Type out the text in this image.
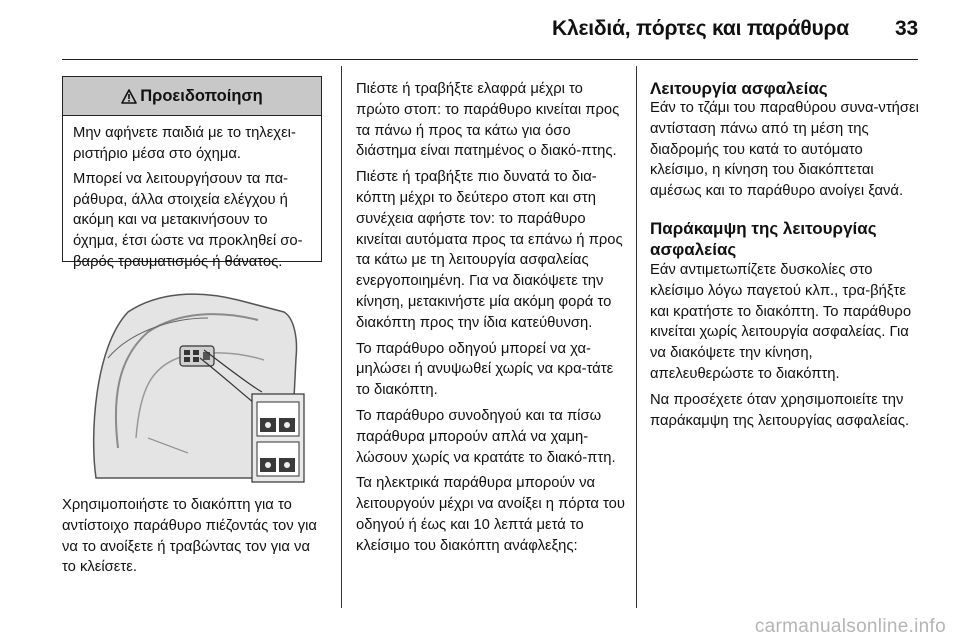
Κλειδιά, πόρτες και παράθυρα 33
Προειδοποίηση

Μην αφήνετε παιδιά με το τηλεχει-ριστήριο μέσα στο όχημα.

Μπορεί να λειτουργήσουν τα πα-ράθυρα, άλλα στοιχεία ελέγχου ή ακόμη και να μετακινήσουν το όχημα, έτσι ώστε να προκληθεί σο-βαρός τραυματισμός ή θάνατος.

Χρησιμοποιήστε το διακόπτη για το αντίστοιχο παράθυρο πιέζοντάς τον για να το ανοίξετε ή τραβώντας τον για να το κλείσετε.

Πιέστε ή τραβήξτε ελαφρά μέχρι το πρώτο στοπ: το παράθυρο κινείται προς τα πάνω ή προς τα κάτω για όσο διάστημα είναι πατημένος ο διακό-πτης.

Πιέστε ή τραβήξτε πιο δυνατά το δια-κόπτη μέχρι το δεύτερο στοπ και στη συνέχεια αφήστε τον: το παράθυρο κινείται αυτόματα προς τα επάνω ή προς τα κάτω με τη λειτουργία ασφαλείας ενεργοποιημένη. Για να διακόψετε την κίνηση, μετακινήστε μία ακόμη φορά το διακόπτη προς την ίδια κατεύθυνση.

Το παράθυρο οδηγού μπορεί να χα-μηλώσει ή ανυψωθεί χωρίς να κρα-τάτε το διακόπτη.

Το παράθυρο συνοδηγού και τα πίσω παράθυρα μπορούν απλά να χαμη-λώσουν χωρίς να κρατάτε το διακό-πτη.

Τα ηλεκτρικά παράθυρα μπορούν να λειτουργούν μέχρι να ανοίξει η πόρτα του οδηγού ή έως και 10 λεπτά μετά το κλείσιμο του διακόπτη ανάφλεξης:

Λειτουργία ασφαλείας

Εάν το τζάμι του παραθύρου συνα-ντήσει αντίσταση πάνω από τη μέση της διαδρομής του κατά το αυτόματο κλείσιμο, η κίνηση του διακόπτεται αμέσως και το παράθυρο ανοίγει ξανά.

Παράκαμψη της λειτουργίας ασφαλείας

Εάν αντιμετωπίζετε δυσκολίες στο κλείσιμο λόγω παγετού κλπ., τρα-βήξτε και κρατήστε το διακόπτη. Το παράθυρο κινείται χωρίς λειτουργία ασφαλείας. Για να διακόψετε την κίνηση, απελευθερώστε το διακόπτη.

Να προσέχετε όταν χρησιμοποιείτε την παράκαμψη της λειτουργίας ασφαλείας.

carmanualsonline.info
